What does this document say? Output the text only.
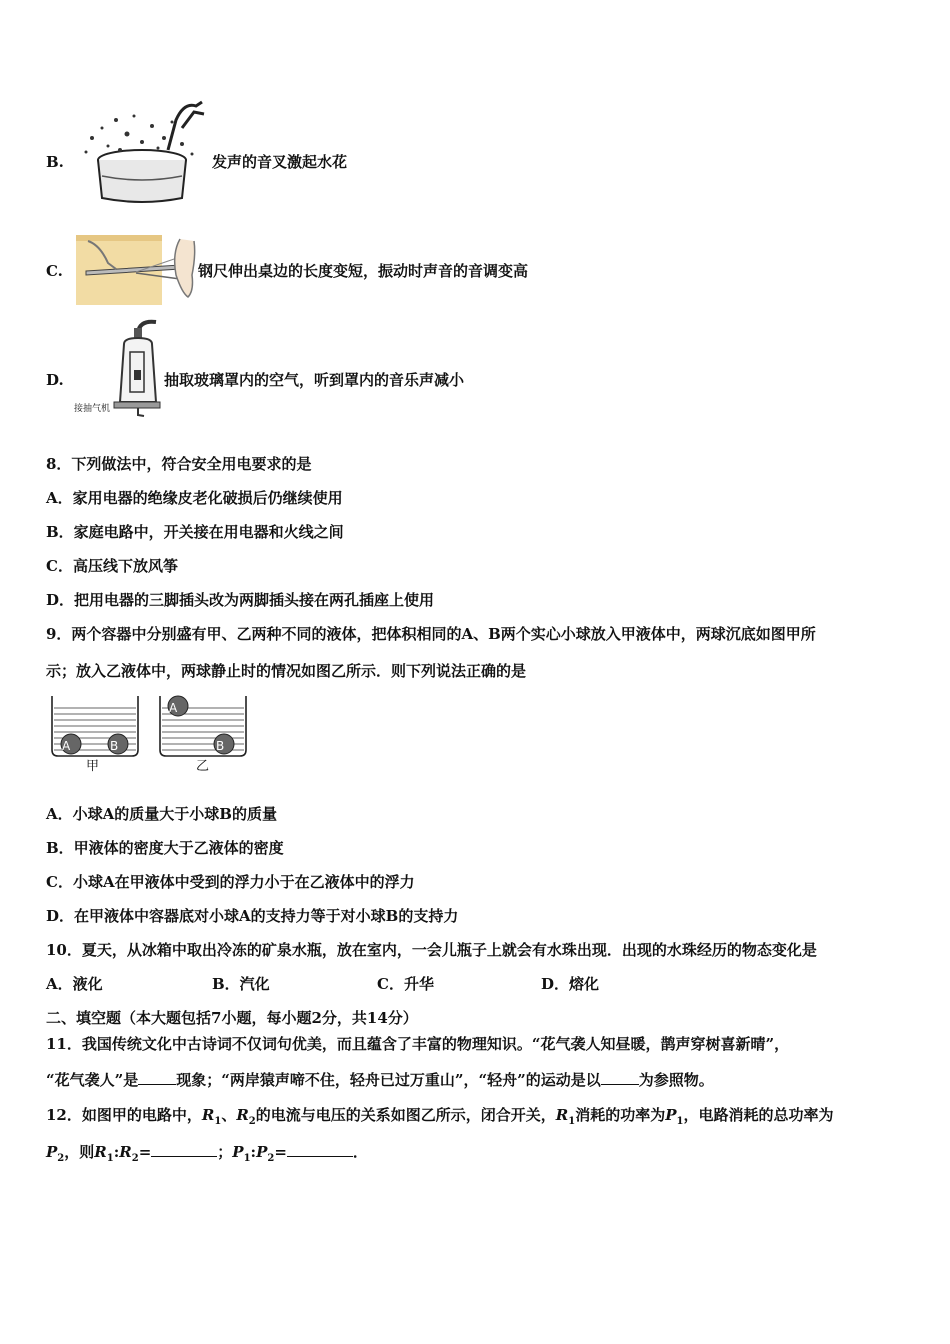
B.	发声的音叉激起水花
C.	钢尺伸出桌边的长度变短，振动时声音的音调变高
D.
接抽气机
抽取玻璃罩内的空气，听到罩内的音乐声减小
8．下列做法中，符合安全用电要求的是
A．家用电器的绝缘皮老化破损后仍继续使用
B．家庭电路中，开关接在用电器和火线之间
C．高压线下放风筝
D．把用电器的三脚插头改为两脚插头接在两孔插座上使用
9．两个容器中分别盛有甲、乙两种不同的液体，把体积相同的A、B两个实心小球放入甲液体中，两球沉底如图甲所
示；放入乙液体中，两球静止时的情况如图乙所示．则下列说法正确的是
A	B
A
B
甲	乙
A．小球A的质量大于小球B的质量
B．甲液体的密度大于乙液体的密度
C．小球A在甲液体中受到的浮力小于在乙液体中的浮力
D．在甲液体中容器底对小球A的支持力等于对小球B的支持力
10．夏天，从冰箱中取出冷冻的矿泉水瓶，放在室内，一会儿瓶子上就会有水珠出现．出现的水珠经历的物态变化是
A．液化	B．汽化	C．升华	D．熔化
二、填空题（本大题包括7小题，每小题2分，共14分）
11．我国传统文化中古诗词不仅词句优美，而且蕴含了丰富的物理知识。“花气袭人知昼暖，鹊声穿树喜新晴”，
“花气袭人”是	现象；“两岸猿声啼不住，轻舟已过万重山”，“轻舟”的运动是以	为参照物。
12．如图甲的电路中，$R_1$、$R_2$的电流与电压的关系如图乙所示，闭合开关，$R_1$消耗的功率为$P_1$，电路消耗的总功率为
$P_2$，则$R_1:R_2=$	；$P_1:P_2=$	．
